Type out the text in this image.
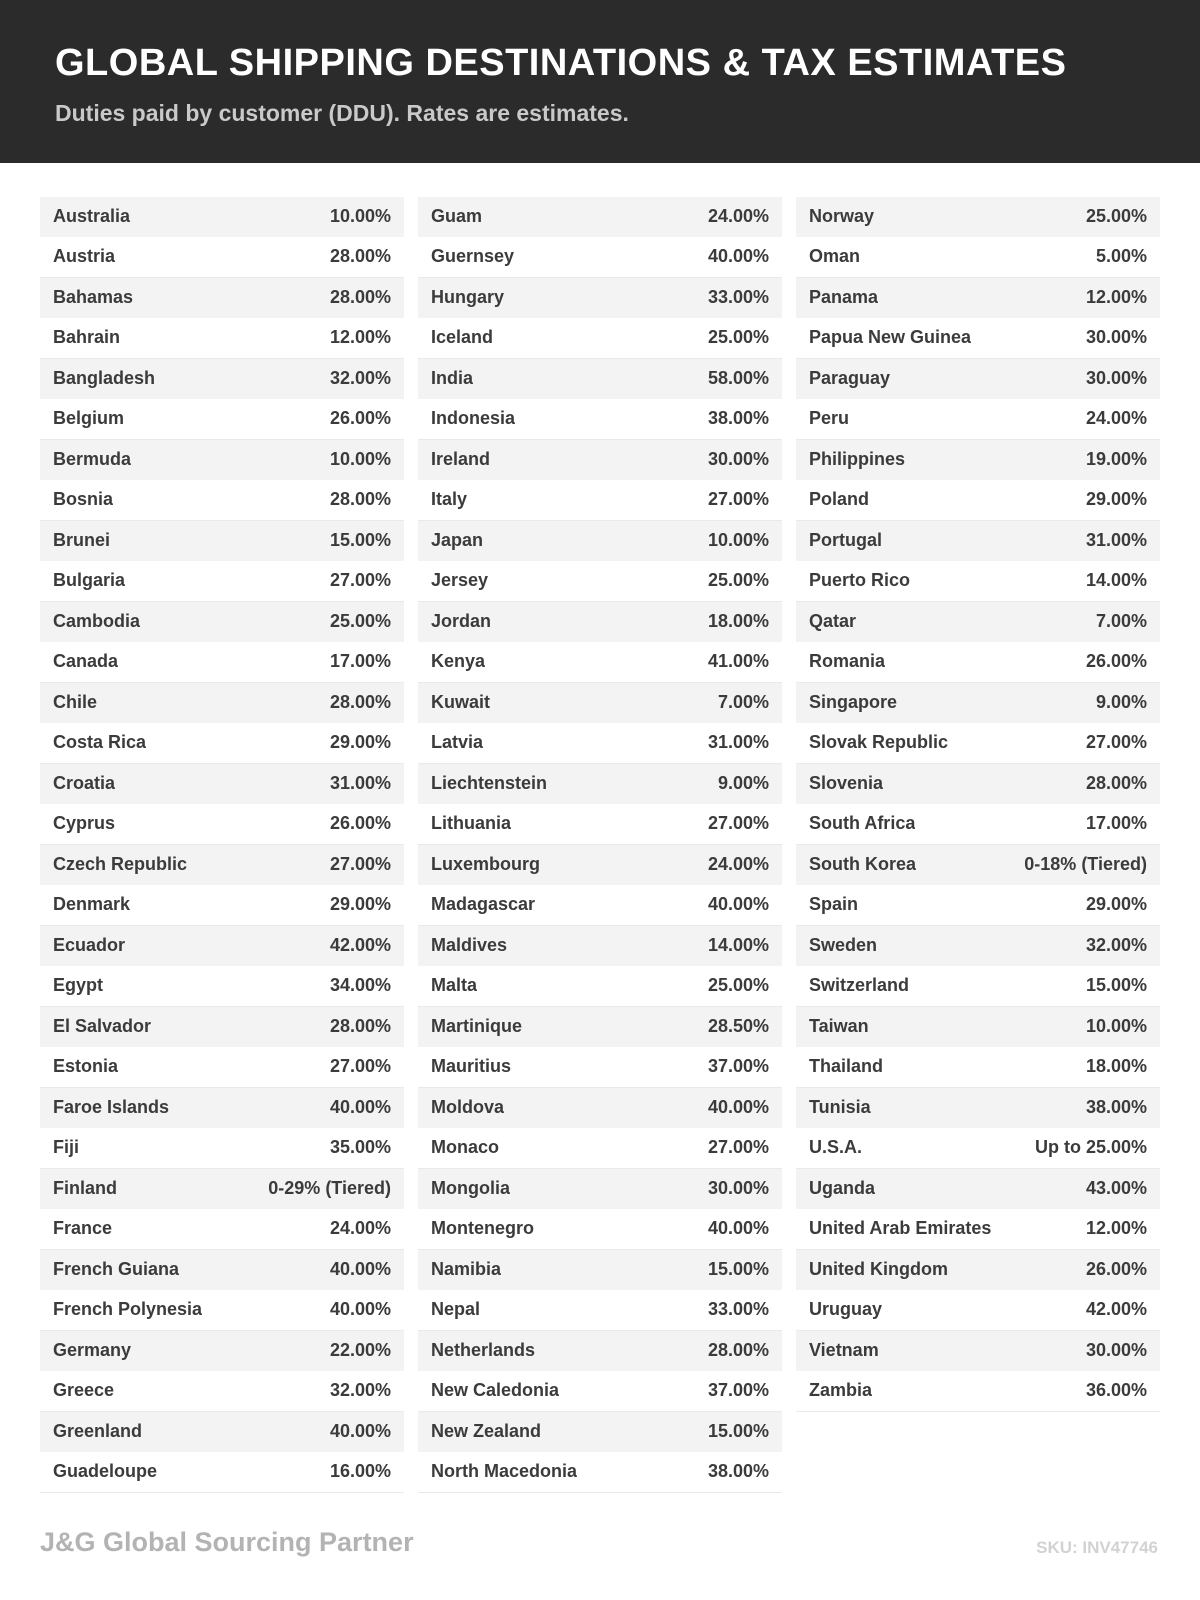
GLOBAL SHIPPING DESTINATIONS & TAX ESTIMATES
Duties paid by customer (DDU). Rates are estimates.
Australia	10.00%
Austria	28.00%
Bahamas	28.00%
Bahrain	12.00%
Bangladesh	32.00%
Belgium	26.00%
Bermuda	10.00%
Bosnia	28.00%
Brunei	15.00%
Bulgaria	27.00%
Cambodia	25.00%
Canada	17.00%
Chile	28.00%
Costa Rica	29.00%
Croatia	31.00%
Cyprus	26.00%
Czech Republic	27.00%
Denmark	29.00%
Ecuador	42.00%
Egypt	34.00%
El Salvador	28.00%
Estonia	27.00%
Faroe Islands	40.00%
Fiji	35.00%
Finland	0-29% (Tiered)
France	24.00%
French Guiana	40.00%
French Polynesia	40.00%
Germany	22.00%
Greece	32.00%
Greenland	40.00%
Guadeloupe	16.00%
Guam	24.00%
Guernsey	40.00%
Hungary	33.00%
Iceland	25.00%
India	58.00%
Indonesia	38.00%
Ireland	30.00%
Italy	27.00%
Japan	10.00%
Jersey	25.00%
Jordan	18.00%
Kenya	41.00%
Kuwait	7.00%
Latvia	31.00%
Liechtenstein	9.00%
Lithuania	27.00%
Luxembourg	24.00%
Madagascar	40.00%
Maldives	14.00%
Malta	25.00%
Martinique	28.50%
Mauritius	37.00%
Moldova	40.00%
Monaco	27.00%
Mongolia	30.00%
Montenegro	40.00%
Namibia	15.00%
Nepal	33.00%
Netherlands	28.00%
New Caledonia	37.00%
New Zealand	15.00%
North Macedonia	38.00%
Norway	25.00%
Oman	5.00%
Panama	12.00%
Papua New Guinea	30.00%
Paraguay	30.00%
Peru	24.00%
Philippines	19.00%
Poland	29.00%
Portugal	31.00%
Puerto Rico	14.00%
Qatar	7.00%
Romania	26.00%
Singapore	9.00%
Slovak Republic	27.00%
Slovenia	28.00%
South Africa	17.00%
South Korea	0-18% (Tiered)
Spain	29.00%
Sweden	32.00%
Switzerland	15.00%
Taiwan	10.00%
Thailand	18.00%
Tunisia	38.00%
U.S.A.	Up to 25.00%
Uganda	43.00%
United Arab Emirates	12.00%
United Kingdom	26.00%
Uruguay	42.00%
Vietnam	30.00%
Zambia	36.00%
J&G Global Sourcing Partner	SKU: INV47746
